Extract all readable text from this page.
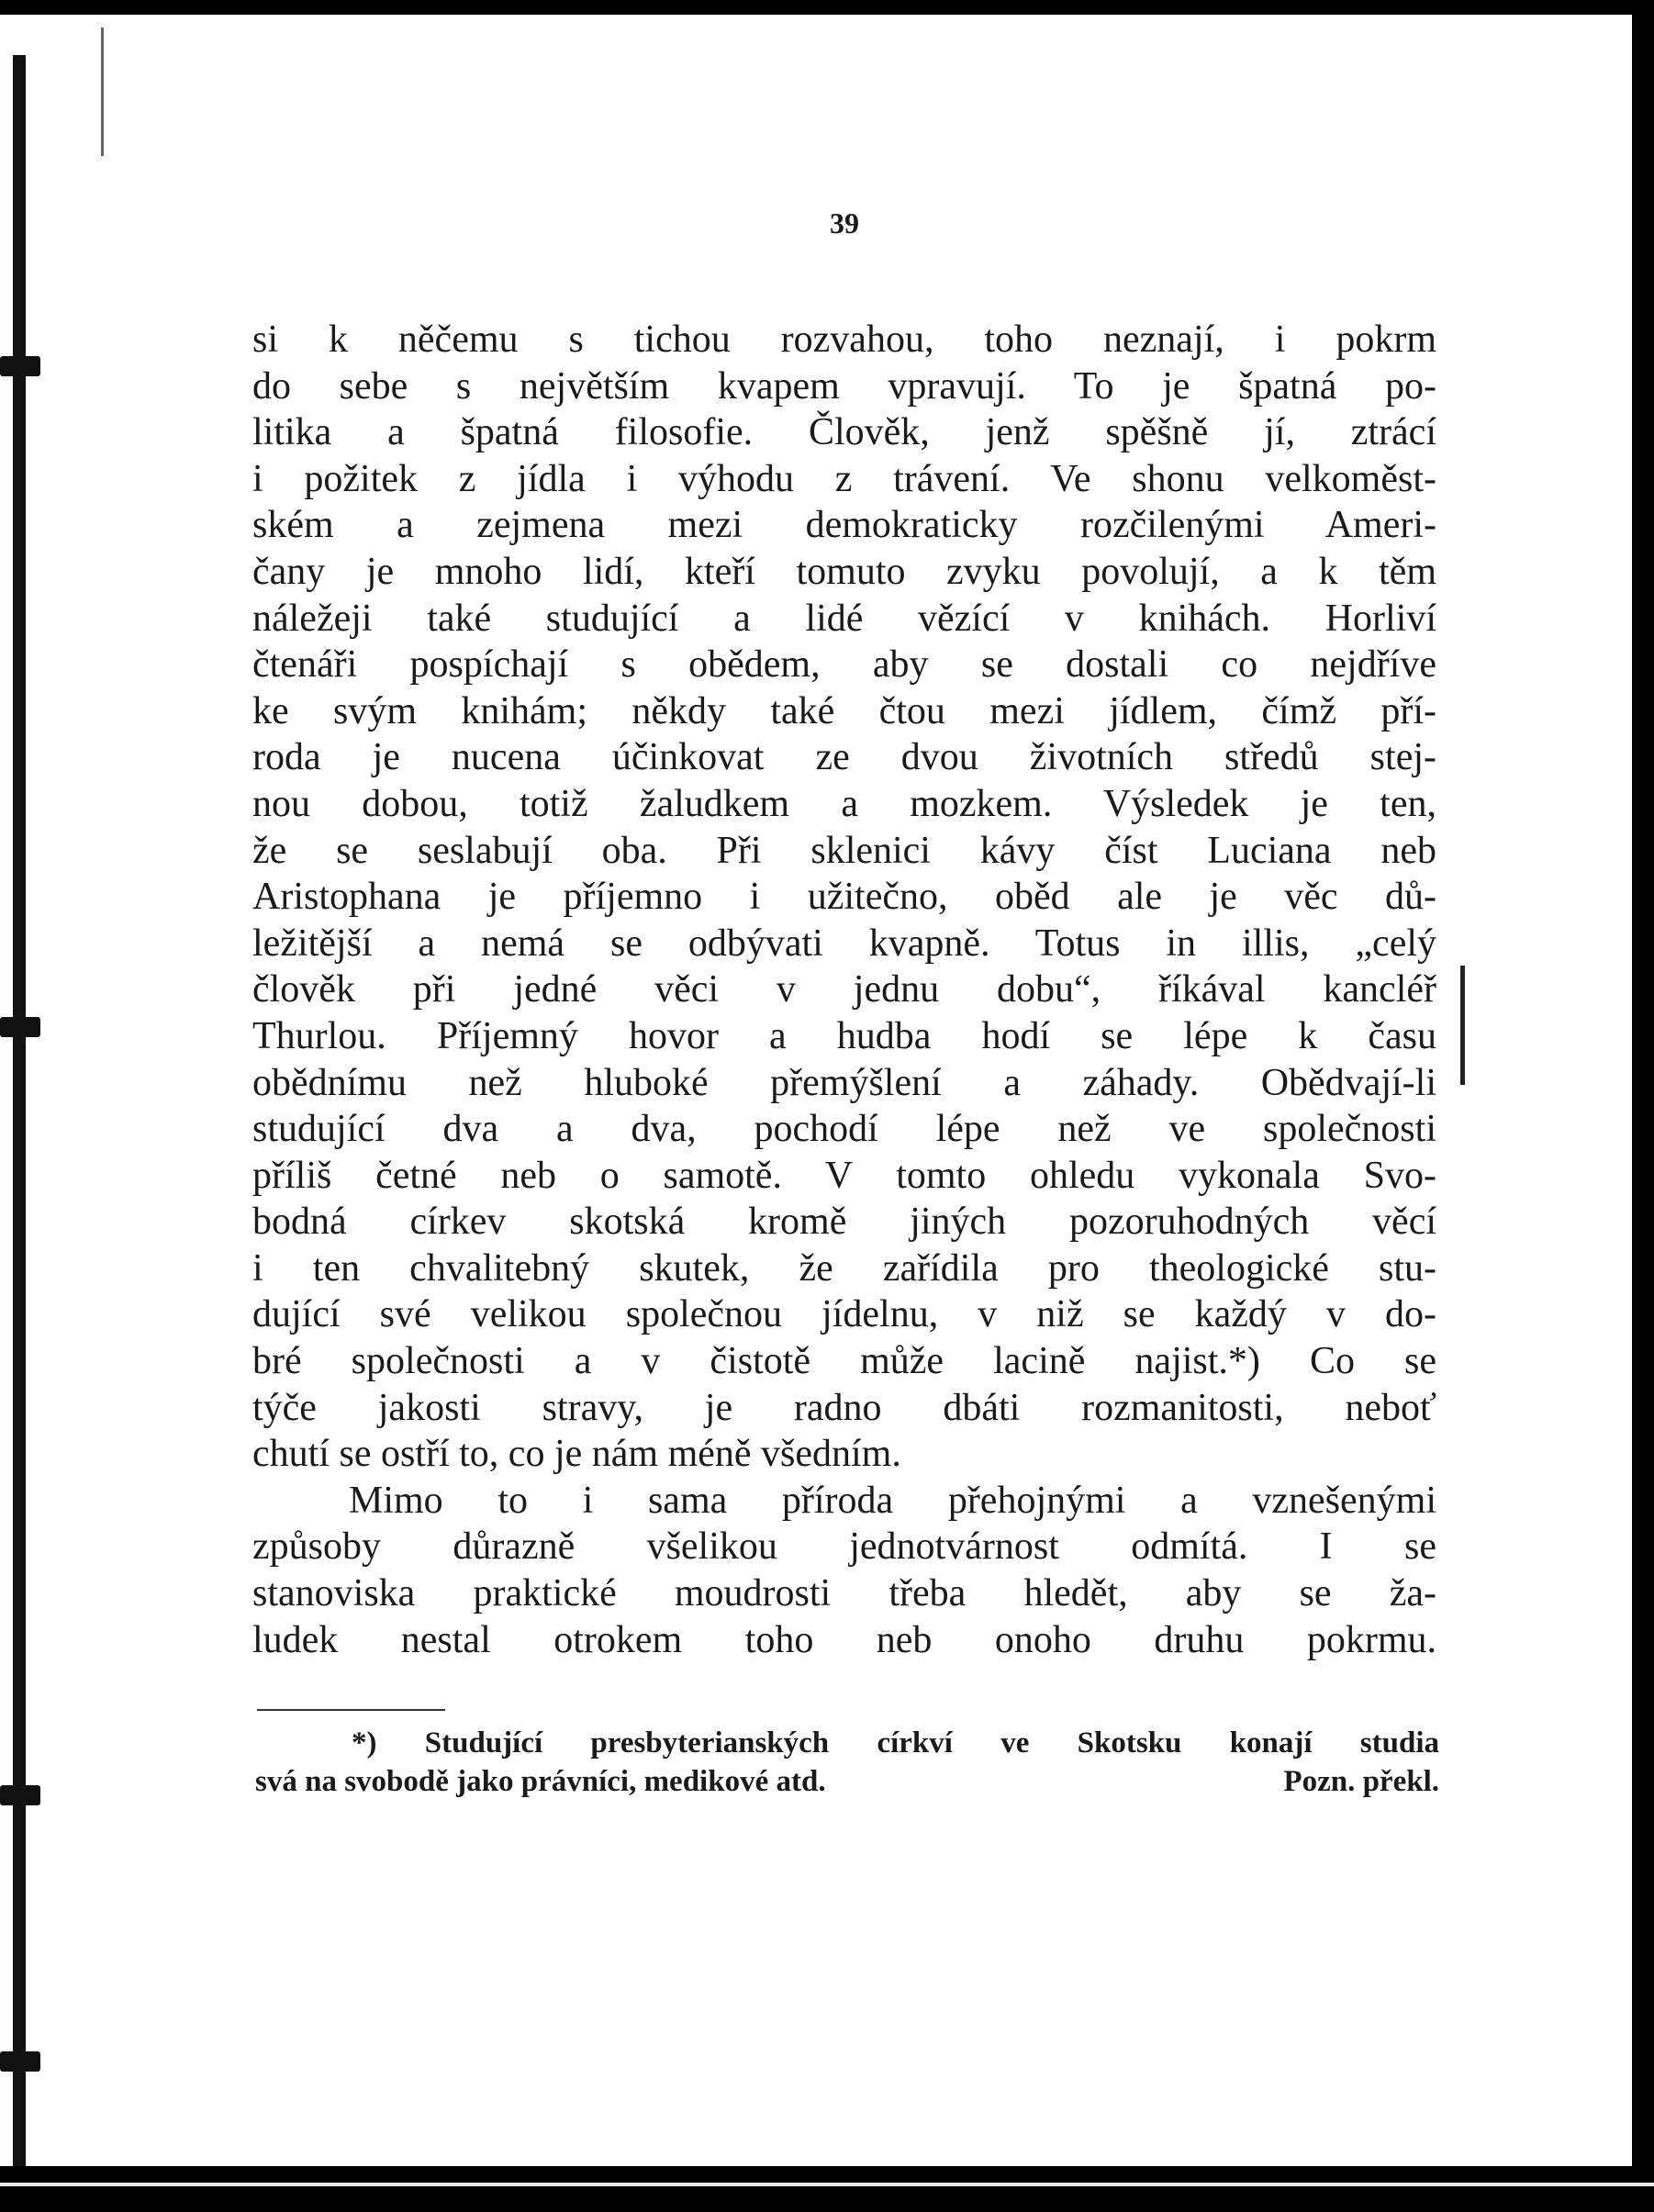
39
si k něčemu s tichou rozvahou, toho neznají, i pokrm
do sebe s největším kvapem vpravují. To je špatná po-
litika a špatná filosofie. Člověk, jenž spěšně jí, ztrácí
i požitek z jídla i výhodu z trávení. Ve shonu velkoměst-
ském a zejmena mezi demokraticky rozčilenými Ameri-
čany je mnoho lidí, kteří tomuto zvyku povolují, a k těm
náležeji také studující a lidé vězící v knihách. Horliví
čtenáři pospíchají s obědem, aby se dostali co nejdříve
ke svým knihám; někdy také čtou mezi jídlem, čímž pří-
roda je nucena účinkovat ze dvou životních středů stej-
nou dobou, totiž žaludkem a mozkem. Výsledek je ten,
že se seslabují oba. Při sklenici kávy číst Luciana neb
Aristophana je příjemno i užitečno, oběd ale je věc dů-
ležitější a nemá se odbývati kvapně. Totus in illis, „celý
člověk při jedné věci v jednu dobu“, říkával kancléř
Thurlou. Příjemný hovor a hudba hodí se lépe k času
obědnímu než hluboké přemýšlení a záhady. Obědvají-li
studující dva a dva, pochodí lépe než ve společnosti
příliš četné neb o samotě. V tomto ohledu vykonala Svo-
bodná církev skotská kromě jiných pozoruhodných věcí
i ten chvalitebný skutek, že zařídila pro theologické stu-
dující své velikou společnou jídelnu, v niž se každý v do-
bré společnosti a v čistotě může lacině najist.*) Co se
týče jakosti stravy, je radno dbáti rozmanitosti, neboť
chutí se ostří to, co je nám méně všedním.
Mimo to i sama příroda přehojnými a vznešenými
způsoby důrazně všelikou jednotvárnost odmítá. I se
stanoviska praktické moudrosti třeba hledět, aby se ža-
ludek nestal otrokem toho neb onoho druhu pokrmu.
*) Studující presbyterianských církví ve Skotsku konají studia
svá na svobodě jako právníci, medikové atd.	Pozn. překl.
